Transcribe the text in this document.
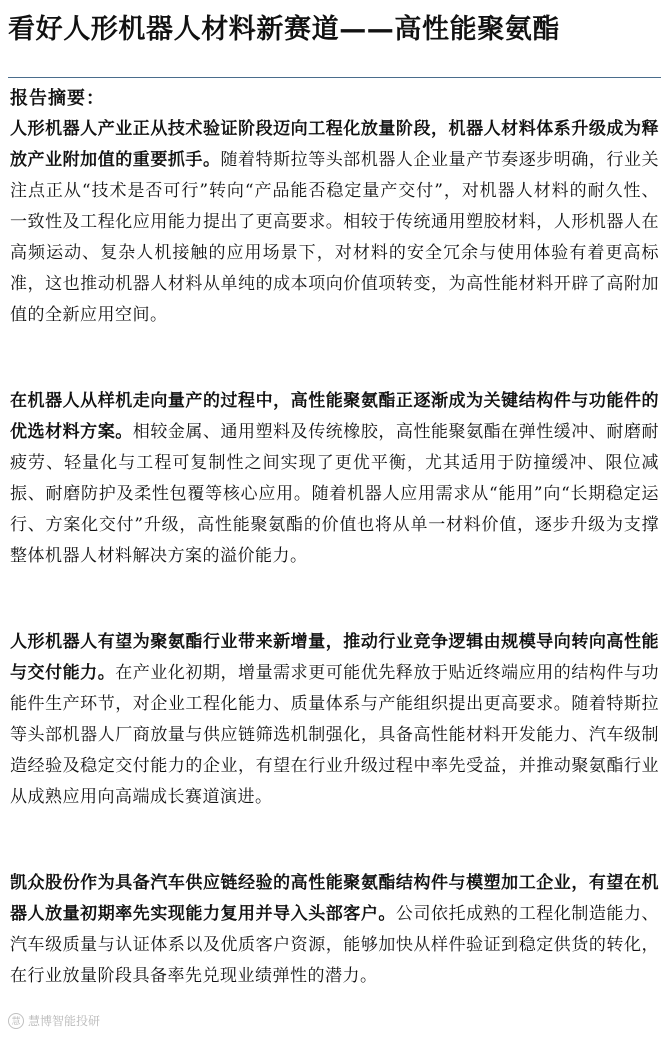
看好人形机器人材料新赛道——高性能聚氨酯
报告摘要：

人形机器人产业正从技术验证阶段迈向工程化放量阶段，机器人材料体系升级成为释放产业附加值的重要抓手。随着特斯拉等头部机器人企业量产节奏逐步明确，行业关注点正从“技术是否可行”转向“产品能否稳定量产交付”，对机器人材料的耐久性、一致性及工程化应用能力提出了更高要求。相较于传统通用塑胶材料，人形机器人在高频运动、复杂人机接触的应用场景下，对材料的安全冗余与使用体验有着更高标准，这也推动机器人材料从单纯的成本项向价值项转变，为高性能材料开辟了高附加值的全新应用空间。

在机器人从样机走向量产的过程中，高性能聚氨酯正逐渐成为关键结构件与功能件的优选材料方案。相较金属、通用塑料及传统橡胶，高性能聚氨酯在弹性缓冲、耐磨耐疲劳、轻量化与工程可复制性之间实现了更优平衡，尤其适用于防撞缓冲、限位减振、耐磨防护及柔性包覆等核心应用。随着机器人应用需求从“能用”向“长期稳定运行、方案化交付”升级，高性能聚氨酯的价值也将从单一材料价值，逐步升级为支撑整体机器人材料解决方案的溢价能力。

人形机器人有望为聚氨酯行业带来新增量，推动行业竞争逻辑由规模导向转向高性能与交付能力。在产业化初期，增量需求更可能优先释放于贴近终端应用的结构件与功能件生产环节，对企业工程化能力、质量体系与产能组织提出更高要求。随着特斯拉等头部机器人厂商放量与供应链筛选机制强化，具备高性能材料开发能力、汽车级制造经验及稳定交付能力的企业，有望在行业升级过程中率先受益，并推动聚氨酯行业从成熟应用向高端成长赛道演进。

凯众股份作为具备汽车供应链经验的高性能聚氨酯结构件与模塑加工企业，有望在机器人放量初期率先实现能力复用并导入头部客户。公司依托成熟的工程化制造能力、汽车级质量与认证体系以及优质客户资源，能够加快从样件验证到稳定供货的转化，在行业放量阶段具备率先兑现业绩弹性的潜力。

慧 慧博智能投研
